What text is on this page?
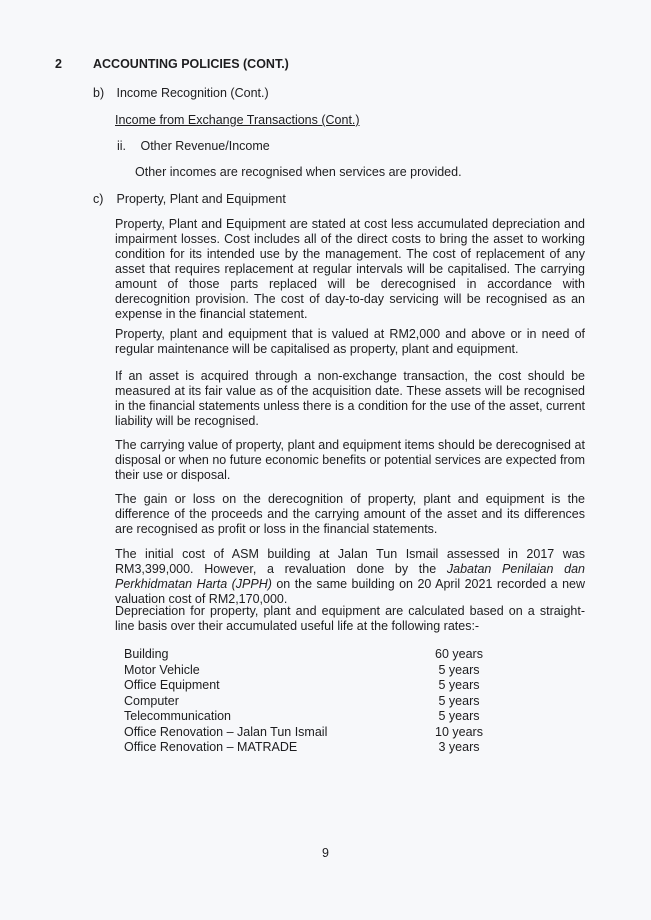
2 ACCOUNTING POLICIES (CONT.)
b) Income Recognition (Cont.)
Income from Exchange Transactions (Cont.)
ii. Other Revenue/Income
Other incomes are recognised when services are provided.
c) Property, Plant and Equipment
Property, Plant and Equipment are stated at cost less accumulated depreciation and impairment losses. Cost includes all of the direct costs to bring the asset to working condition for its intended use by the management. The cost of replacement of any asset that requires replacement at regular intervals will be capitalised. The carrying amount of those parts replaced will be derecognised in accordance with derecognition provision. The cost of day-to-day servicing will be recognised as an expense in the financial statement.
Property, plant and equipment that is valued at RM2,000 and above or in need of regular maintenance will be capitalised as property, plant and equipment.
If an asset is acquired through a non-exchange transaction, the cost should be measured at its fair value as of the acquisition date. These assets will be recognised in the financial statements unless there is a condition for the use of the asset, current liability will be recognised.
The carrying value of property, plant and equipment items should be derecognised at disposal or when no future economic benefits or potential services are expected from their use or disposal.
The gain or loss on the derecognition of property, plant and equipment is the difference of the proceeds and the carrying amount of the asset and its differences are recognised as profit or loss in the financial statements.
The initial cost of ASM building at Jalan Tun Ismail assessed in 2017 was RM3,399,000. However, a revaluation done by the Jabatan Penilaian dan Perkhidmatan Harta (JPPH) on the same building on 20 April 2021 recorded a new valuation cost of RM2,170,000.
Depreciation for property, plant and equipment are calculated based on a straight-line basis over their accumulated useful life at the following rates:-
Building	60 years
Motor Vehicle	5 years
Office Equipment	5 years
Computer	5 years
Telecommunication	5 years
Office Renovation – Jalan Tun Ismail	10 years
Office Renovation – MATRADE	3 years
9
